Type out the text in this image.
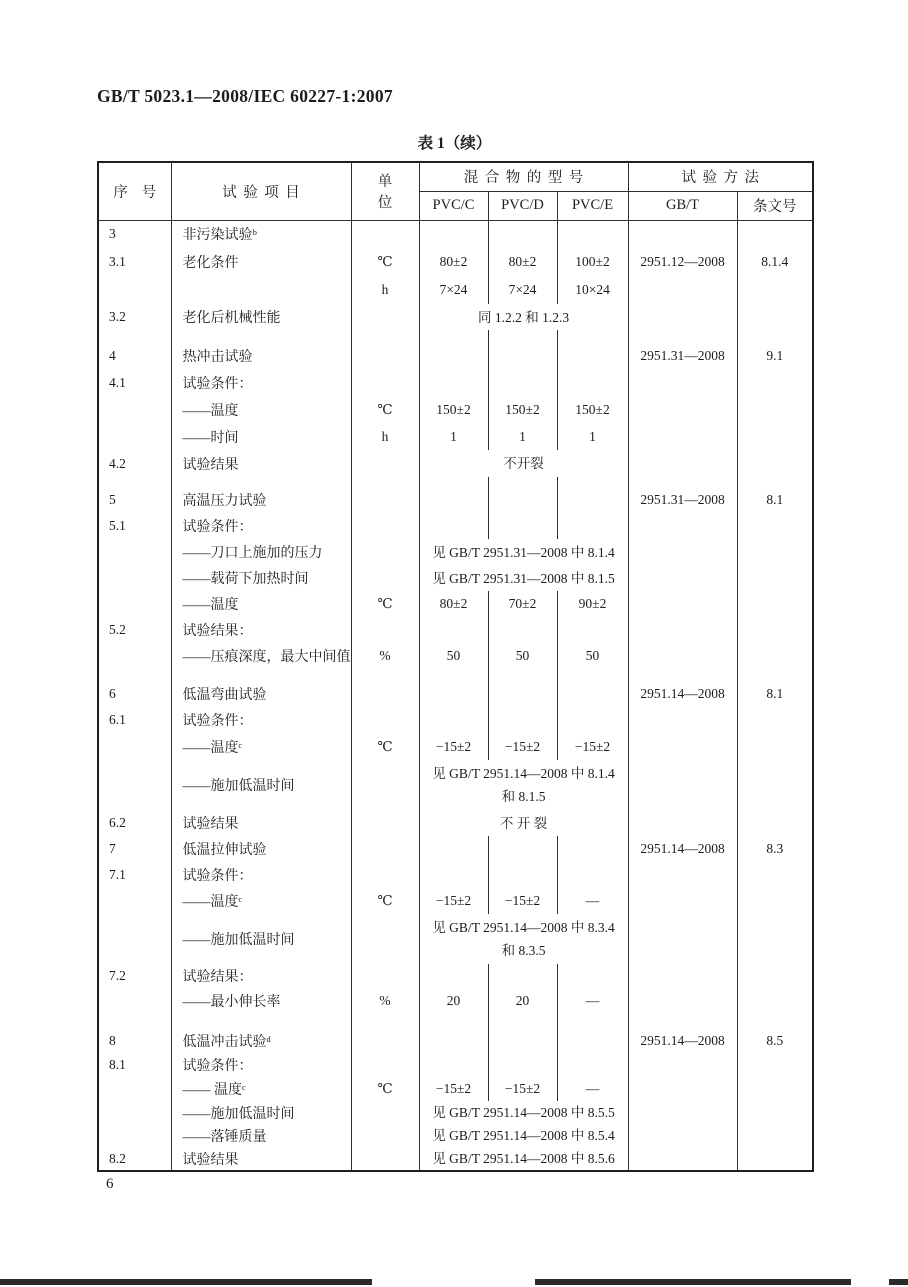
GB/T 5023.1—2008/IEC 60227-1:2007
表 1（续）
序号	试验项目	单位	混合物的型号			试验方法	
			PVC/C	PVC/D	PVC/E	GB/T	条文号
3	非污染试验ᵇ						
3.1	老化条件	℃	80±2	80±2	100±2	2951.12—2008	8.1.4
		h	7×24	7×24	10×24		
3.2	老化后机械性能		同 1.2.2 和 1.2.3				

4	热冲击试验					2951.31—2008	9.1
4.1	试验条件：						
	——温度	℃	150±2	150±2	150±2		
	——时间	h	1	1	1		
4.2	试验结果		不开裂				

5	高温压力试验					2951.31—2008	8.1
5.1	试验条件：						
	——刀口上施加的压力		见 GB/T 2951.31—2008 中 8.1.4				

	——载荷下加热时间		见 GB/T 2951.31—2008 中 8.1.5				

	——温度	℃	80±2	70±2	90±2		
5.2	试验结果：						
	——压痕深度，最大中间值	%	50	50	50		

6	低温弯曲试验					2951.14—2008	8.1
6.1	试验条件：						
	——温度ᶜ	℃	−15±2	−15±2	−15±2		
	——施加低温时间		见 GB/T 2951.14—2008 中 8.1.4
和 8.1.5				

6.2	试验结果		不 开 裂				

7	低温拉伸试验					2951.14—2008	8.3
7.1	试验条件：						
	——温度ᶜ	℃	−15±2	−15±2	—		
	——施加低温时间		见 GB/T 2951.14—2008 中 8.3.4
和 8.3.5				

7.2	试验结果：						
	——最小伸长率	%	20	20	—		

8	低温冲击试验ᵈ					2951.14—2008	8.5
8.1	试验条件：						
	—— 温度ᶜ	℃	−15±2	−15±2	—		
	——施加低温时间		见 GB/T 2951.14—2008 中 8.5.5				

	——落锤质量		见 GB/T 2951.14—2008 中 8.5.4				

8.2	试验结果		见 GB/T 2951.14—2008 中 8.5.6				

6
